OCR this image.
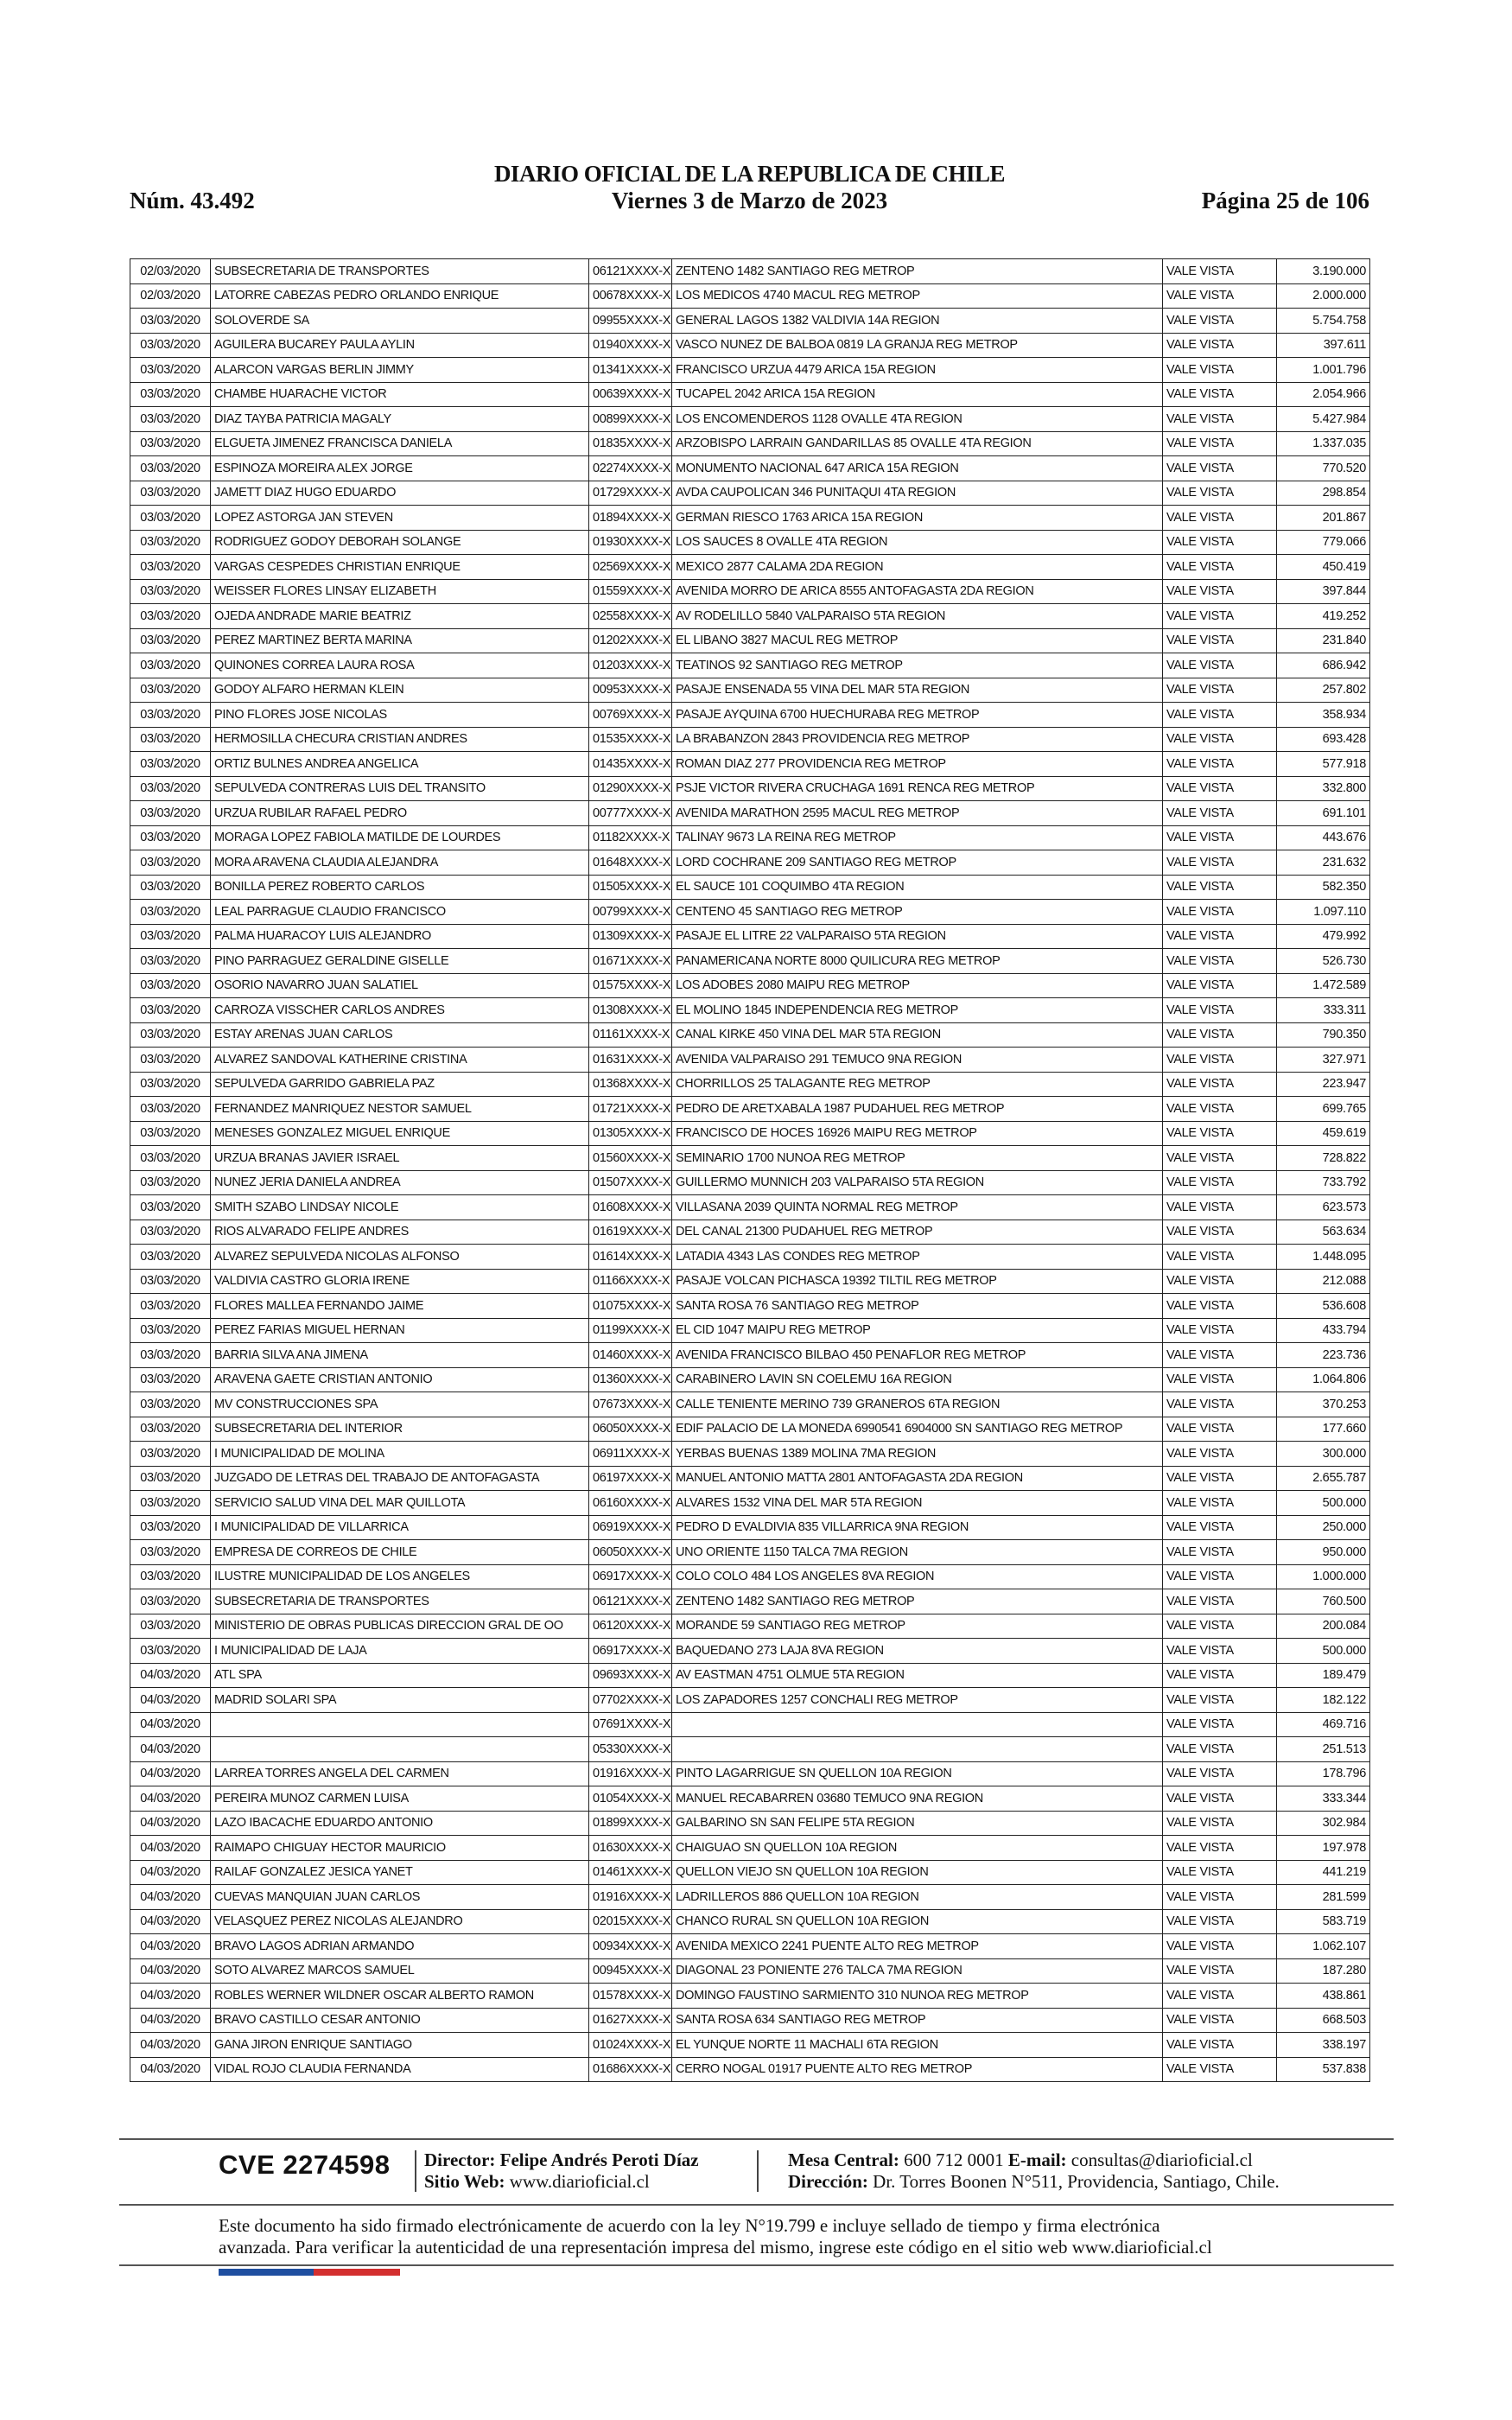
DIARIO OFICIAL DE LA REPUBLICA DE CHILE
Viernes 3 de Marzo de 2023
Núm. 43.492	Página 25 de 106
02/03/2020	SUBSECRETARIA DE TRANSPORTES	06121XXXX-X	ZENTENO 1482 SANTIAGO REG METROP	VALE VISTA	3.190.000
02/03/2020	LATORRE CABEZAS PEDRO ORLANDO ENRIQUE	00678XXXX-X	LOS MEDICOS 4740 MACUL REG METROP	VALE VISTA	2.000.000
03/03/2020	SOLOVERDE SA	09955XXXX-X	GENERAL LAGOS 1382 VALDIVIA 14A REGION	VALE VISTA	5.754.758
03/03/2020	AGUILERA BUCAREY PAULA AYLIN	01940XXXX-X	VASCO NUNEZ DE BALBOA 0819 LA GRANJA REG METROP	VALE VISTA	397.611
03/03/2020	ALARCON VARGAS BERLIN JIMMY	01341XXXX-X	FRANCISCO URZUA 4479 ARICA 15A REGION	VALE VISTA	1.001.796
03/03/2020	CHAMBE HUARACHE VICTOR	00639XXXX-X	TUCAPEL 2042 ARICA 15A REGION	VALE VISTA	2.054.966
03/03/2020	DIAZ TAYBA PATRICIA MAGALY	00899XXXX-X	LOS ENCOMENDEROS 1128 OVALLE 4TA REGION	VALE VISTA	5.427.984
03/03/2020	ELGUETA JIMENEZ FRANCISCA DANIELA	01835XXXX-X	ARZOBISPO LARRAIN GANDARILLAS 85 OVALLE 4TA REGION	VALE VISTA	1.337.035
03/03/2020	ESPINOZA MOREIRA ALEX JORGE	02274XXXX-X	MONUMENTO NACIONAL 647 ARICA 15A REGION	VALE VISTA	770.520
03/03/2020	JAMETT DIAZ HUGO EDUARDO	01729XXXX-X	AVDA CAUPOLICAN 346 PUNITAQUI 4TA REGION	VALE VISTA	298.854
03/03/2020	LOPEZ ASTORGA JAN STEVEN	01894XXXX-X	GERMAN RIESCO 1763 ARICA 15A REGION	VALE VISTA	201.867
03/03/2020	RODRIGUEZ GODOY DEBORAH SOLANGE	01930XXXX-X	LOS SAUCES 8 OVALLE 4TA REGION	VALE VISTA	779.066
03/03/2020	VARGAS CESPEDES CHRISTIAN ENRIQUE	02569XXXX-X	MEXICO 2877 CALAMA 2DA REGION	VALE VISTA	450.419
03/03/2020	WEISSER FLORES LINSAY ELIZABETH	01559XXXX-X	AVENIDA MORRO DE ARICA 8555 ANTOFAGASTA 2DA REGION	VALE VISTA	397.844
03/03/2020	OJEDA ANDRADE MARIE BEATRIZ	02558XXXX-X	AV RODELILLO 5840 VALPARAISO 5TA REGION	VALE VISTA	419.252
03/03/2020	PEREZ MARTINEZ BERTA MARINA	01202XXXX-X	EL LIBANO 3827 MACUL REG METROP	VALE VISTA	231.840
03/03/2020	QUINONES CORREA LAURA ROSA	01203XXXX-X	TEATINOS 92 SANTIAGO REG METROP	VALE VISTA	686.942
03/03/2020	GODOY ALFARO HERMAN KLEIN	00953XXXX-X	PASAJE ENSENADA 55 VINA DEL MAR 5TA REGION	VALE VISTA	257.802
03/03/2020	PINO FLORES JOSE NICOLAS	00769XXXX-X	PASAJE AYQUINA 6700 HUECHURABA REG METROP	VALE VISTA	358.934
03/03/2020	HERMOSILLA CHECURA CRISTIAN ANDRES	01535XXXX-X	LA BRABANZON 2843 PROVIDENCIA REG METROP	VALE VISTA	693.428
03/03/2020	ORTIZ BULNES ANDREA ANGELICA	01435XXXX-X	ROMAN DIAZ 277 PROVIDENCIA REG METROP	VALE VISTA	577.918
03/03/2020	SEPULVEDA CONTRERAS LUIS DEL TRANSITO	01290XXXX-X	PSJE VICTOR RIVERA CRUCHAGA 1691 RENCA REG METROP	VALE VISTA	332.800
03/03/2020	URZUA RUBILAR RAFAEL PEDRO	00777XXXX-X	AVENIDA MARATHON 2595 MACUL REG METROP	VALE VISTA	691.101
03/03/2020	MORAGA LOPEZ FABIOLA MATILDE DE LOURDES	01182XXXX-X	TALINAY 9673 LA REINA REG METROP	VALE VISTA	443.676
03/03/2020	MORA ARAVENA CLAUDIA ALEJANDRA	01648XXXX-X	LORD COCHRANE 209 SANTIAGO REG METROP	VALE VISTA	231.632
03/03/2020	BONILLA PEREZ ROBERTO CARLOS	01505XXXX-X	EL SAUCE 101 COQUIMBO 4TA REGION	VALE VISTA	582.350
03/03/2020	LEAL PARRAGUE CLAUDIO FRANCISCO	00799XXXX-X	CENTENO 45 SANTIAGO REG METROP	VALE VISTA	1.097.110
03/03/2020	PALMA HUARACOY LUIS ALEJANDRO	01309XXXX-X	PASAJE EL LITRE 22 VALPARAISO 5TA REGION	VALE VISTA	479.992
03/03/2020	PINO PARRAGUEZ GERALDINE GISELLE	01671XXXX-X	PANAMERICANA NORTE 8000 QUILICURA REG METROP	VALE VISTA	526.730
03/03/2020	OSORIO NAVARRO JUAN SALATIEL	01575XXXX-X	LOS ADOBES 2080 MAIPU REG METROP	VALE VISTA	1.472.589
03/03/2020	CARROZA VISSCHER CARLOS ANDRES	01308XXXX-X	EL MOLINO 1845 INDEPENDENCIA REG METROP	VALE VISTA	333.311
03/03/2020	ESTAY ARENAS JUAN CARLOS	01161XXXX-X	CANAL KIRKE 450 VINA DEL MAR 5TA REGION	VALE VISTA	790.350
03/03/2020	ALVAREZ SANDOVAL KATHERINE CRISTINA	01631XXXX-X	AVENIDA VALPARAISO 291 TEMUCO 9NA REGION	VALE VISTA	327.971
03/03/2020	SEPULVEDA GARRIDO GABRIELA PAZ	01368XXXX-X	CHORRILLOS 25 TALAGANTE REG METROP	VALE VISTA	223.947
03/03/2020	FERNANDEZ MANRIQUEZ NESTOR SAMUEL	01721XXXX-X	PEDRO DE ARETXABALA 1987 PUDAHUEL REG METROP	VALE VISTA	699.765
03/03/2020	MENESES GONZALEZ MIGUEL ENRIQUE	01305XXXX-X	FRANCISCO DE HOCES 16926 MAIPU REG METROP	VALE VISTA	459.619
03/03/2020	URZUA BRANAS JAVIER ISRAEL	01560XXXX-X	SEMINARIO 1700 NUNOA REG METROP	VALE VISTA	728.822
03/03/2020	NUNEZ JERIA DANIELA ANDREA	01507XXXX-X	GUILLERMO MUNNICH 203 VALPARAISO 5TA REGION	VALE VISTA	733.792
03/03/2020	SMITH SZABO LINDSAY NICOLE	01608XXXX-X	VILLASANA 2039 QUINTA NORMAL REG METROP	VALE VISTA	623.573
03/03/2020	RIOS ALVARADO FELIPE ANDRES	01619XXXX-X	DEL CANAL 21300 PUDAHUEL REG METROP	VALE VISTA	563.634
03/03/2020	ALVAREZ SEPULVEDA NICOLAS ALFONSO	01614XXXX-X	LATADIA 4343 LAS CONDES REG METROP	VALE VISTA	1.448.095
03/03/2020	VALDIVIA CASTRO GLORIA IRENE	01166XXXX-X	PASAJE VOLCAN PICHASCA 19392 TILTIL REG METROP	VALE VISTA	212.088
03/03/2020	FLORES MALLEA FERNANDO JAIME	01075XXXX-X	SANTA ROSA 76 SANTIAGO REG METROP	VALE VISTA	536.608
03/03/2020	PEREZ FARIAS MIGUEL HERNAN	01199XXXX-X	EL CID 1047 MAIPU REG METROP	VALE VISTA	433.794
03/03/2020	BARRIA SILVA ANA JIMENA	01460XXXX-X	AVENIDA FRANCISCO BILBAO 450 PENAFLOR REG METROP	VALE VISTA	223.736
03/03/2020	ARAVENA GAETE CRISTIAN ANTONIO	01360XXXX-X	CARABINERO LAVIN SN COELEMU 16A REGION	VALE VISTA	1.064.806
03/03/2020	MV CONSTRUCCIONES SPA	07673XXXX-X	CALLE TENIENTE MERINO 739 GRANEROS 6TA REGION	VALE VISTA	370.253
03/03/2020	SUBSECRETARIA DEL INTERIOR	06050XXXX-X	EDIF PALACIO DE LA MONEDA 6990541 6904000 SN SANTIAGO REG METROP	VALE VISTA	177.660
03/03/2020	I MUNICIPALIDAD DE MOLINA	06911XXXX-X	YERBAS BUENAS 1389 MOLINA 7MA REGION	VALE VISTA	300.000
03/03/2020	JUZGADO DE LETRAS DEL TRABAJO DE ANTOFAGASTA	06197XXXX-X	MANUEL ANTONIO MATTA 2801 ANTOFAGASTA 2DA REGION	VALE VISTA	2.655.787
03/03/2020	SERVICIO SALUD VINA DEL MAR QUILLOTA	06160XXXX-X	ALVARES 1532 VINA DEL MAR 5TA REGION	VALE VISTA	500.000
03/03/2020	I MUNICIPALIDAD DE VILLARRICA	06919XXXX-X	PEDRO D EVALDIVIA 835 VILLARRICA 9NA REGION	VALE VISTA	250.000
03/03/2020	EMPRESA DE CORREOS DE CHILE	06050XXXX-X	UNO ORIENTE 1150 TALCA 7MA REGION	VALE VISTA	950.000
03/03/2020	ILUSTRE MUNICIPALIDAD DE LOS ANGELES	06917XXXX-X	COLO COLO 484 LOS ANGELES 8VA REGION	VALE VISTA	1.000.000
03/03/2020	SUBSECRETARIA DE TRANSPORTES	06121XXXX-X	ZENTENO 1482 SANTIAGO REG METROP	VALE VISTA	760.500
03/03/2020	MINISTERIO DE OBRAS PUBLICAS DIRECCION GRAL DE OO	06120XXXX-X	MORANDE 59 SANTIAGO REG METROP	VALE VISTA	200.084
03/03/2020	I MUNICIPALIDAD DE LAJA	06917XXXX-X	BAQUEDANO 273 LAJA 8VA REGION	VALE VISTA	500.000
04/03/2020	ATL SPA	09693XXXX-X	AV EASTMAN 4751 OLMUE 5TA REGION	VALE VISTA	189.479
04/03/2020	MADRID SOLARI SPA	07702XXXX-X	LOS ZAPADORES 1257 CONCHALI REG METROP	VALE VISTA	182.122
04/03/2020		07691XXXX-X		VALE VISTA	469.716
04/03/2020		05330XXXX-X		VALE VISTA	251.513
04/03/2020	LARREA TORRES ANGELA DEL CARMEN	01916XXXX-X	PINTO LAGARRIGUE SN QUELLON 10A REGION	VALE VISTA	178.796
04/03/2020	PEREIRA MUNOZ CARMEN LUISA	01054XXXX-X	MANUEL RECABARREN 03680 TEMUCO 9NA REGION	VALE VISTA	333.344
04/03/2020	LAZO IBACACHE EDUARDO ANTONIO	01899XXXX-X	GALBARINO SN SAN FELIPE 5TA REGION	VALE VISTA	302.984
04/03/2020	RAIMAPO CHIGUAY HECTOR MAURICIO	01630XXXX-X	CHAIGUAO SN QUELLON 10A REGION	VALE VISTA	197.978
04/03/2020	RAILAF GONZALEZ JESICA YANET	01461XXXX-X	QUELLON VIEJO SN QUELLON 10A REGION	VALE VISTA	441.219
04/03/2020	CUEVAS MANQUIAN JUAN CARLOS	01916XXXX-X	LADRILLEROS 886 QUELLON 10A REGION	VALE VISTA	281.599
04/03/2020	VELASQUEZ PEREZ NICOLAS ALEJANDRO	02015XXXX-X	CHANCO RURAL SN QUELLON 10A REGION	VALE VISTA	583.719
04/03/2020	BRAVO LAGOS ADRIAN ARMANDO	00934XXXX-X	AVENIDA MEXICO 2241 PUENTE ALTO REG METROP	VALE VISTA	1.062.107
04/03/2020	SOTO ALVAREZ MARCOS SAMUEL	00945XXXX-X	DIAGONAL 23 PONIENTE 276 TALCA 7MA REGION	VALE VISTA	187.280
04/03/2020	ROBLES WERNER WILDNER OSCAR ALBERTO RAMON	01578XXXX-X	DOMINGO FAUSTINO SARMIENTO 310 NUNOA REG METROP	VALE VISTA	438.861
04/03/2020	BRAVO CASTILLO CESAR ANTONIO	01627XXXX-X	SANTA ROSA 634 SANTIAGO REG METROP	VALE VISTA	668.503
04/03/2020	GANA JIRON ENRIQUE SANTIAGO	01024XXXX-X	EL YUNQUE NORTE 11 MACHALI 6TA REGION	VALE VISTA	338.197
04/03/2020	VIDAL ROJO CLAUDIA FERNANDA	01686XXXX-X	CERRO NOGAL 01917 PUENTE ALTO REG METROP	VALE VISTA	537.838
CVE 2274598 Director: Felipe Andrés Peroti Díaz
Sitio Web: www.diarioficial.cl
Mesa Central: 600 712 0001 E-mail: consultas@diarioficial.cl
Dirección: Dr. Torres Boonen N°511, Providencia, Santiago, Chile.
Este documento ha sido firmado electrónicamente de acuerdo con la ley N°19.799 e incluye sellado de tiempo y firma electrónica
avanzada. Para verificar la autenticidad de una representación impresa del mismo, ingrese este código en el sitio web www.diarioficial.cl
